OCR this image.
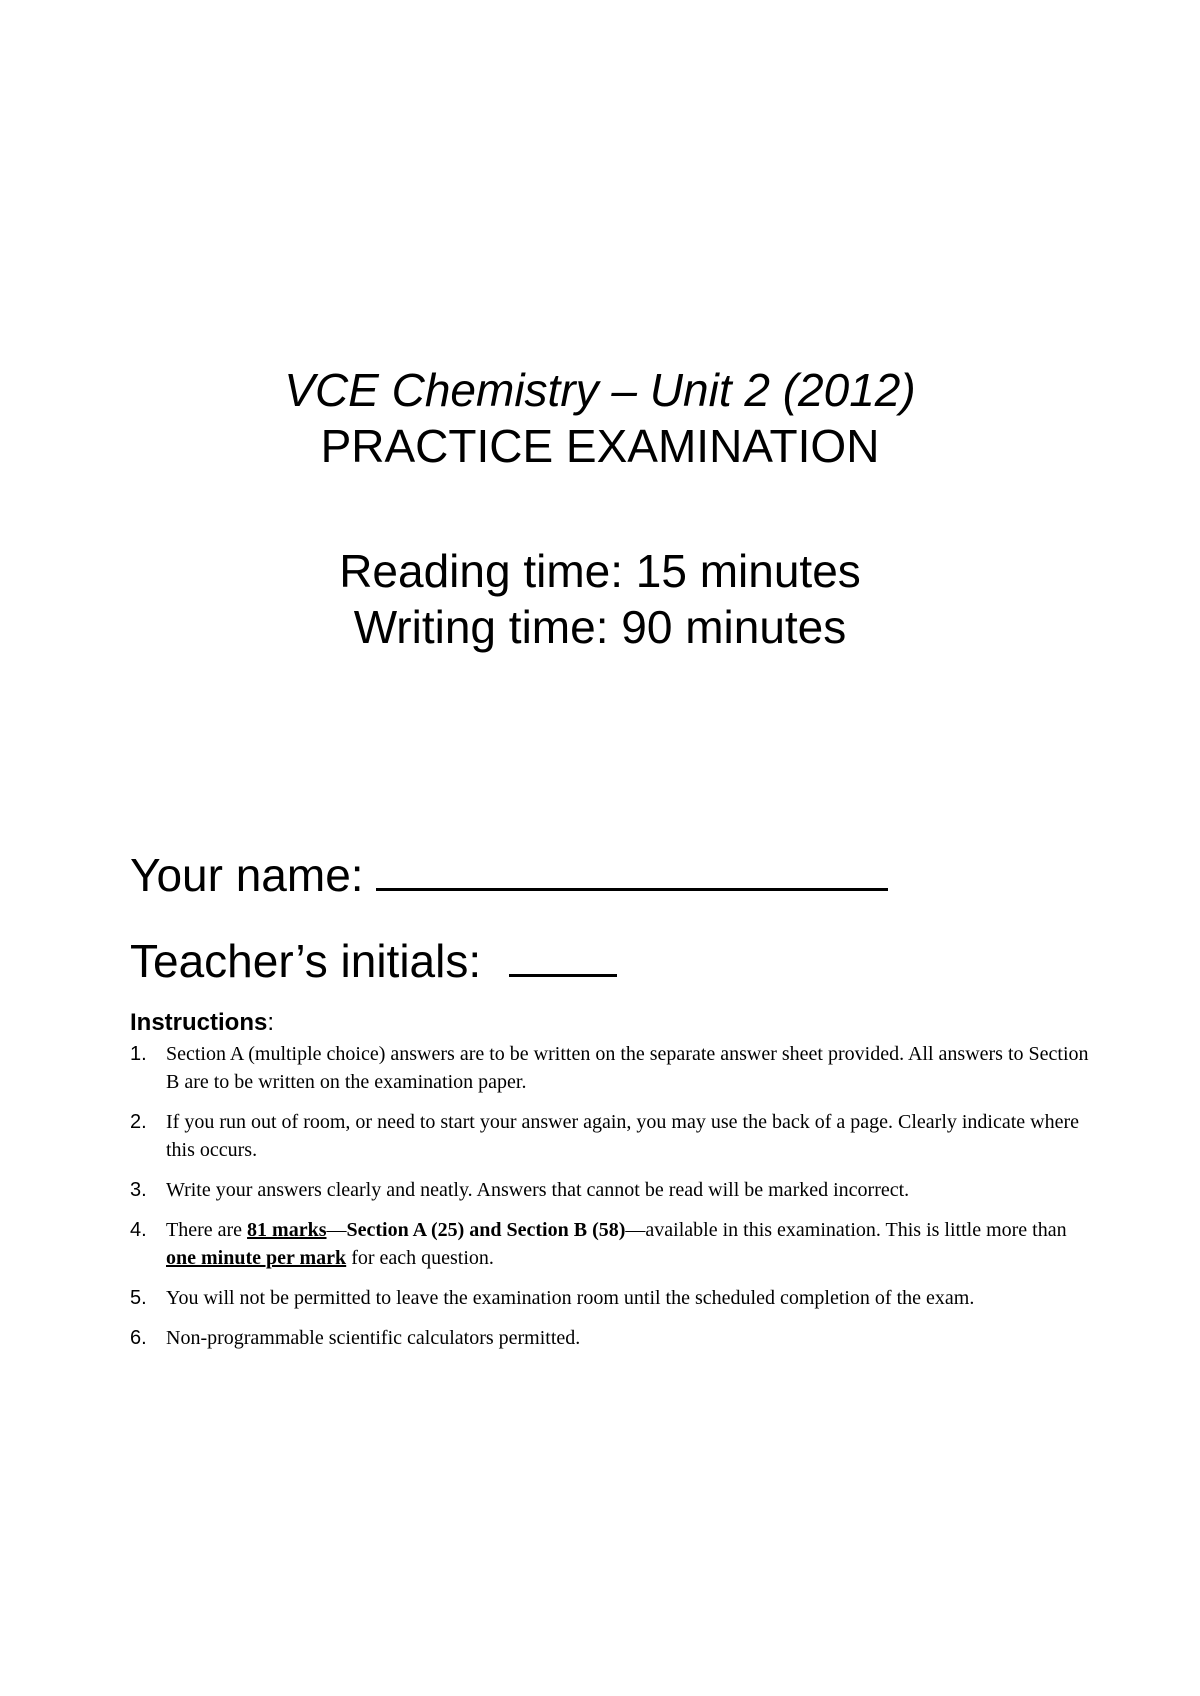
VCE Chemistry – Unit 2 (2012)
PRACTICE EXAMINATION
Reading time: 15 minutes
Writing time: 90 minutes
Your name:
Teacher’s initials:
Instructions:
1. Section A (multiple choice) answers are to be written on the separate answer sheet provided. All answers to Section B are to be written on the examination paper.
2. If you run out of room, or need to start your answer again, you may use the back of a page. Clearly indicate where this occurs.
3. Write your answers clearly and neatly. Answers that cannot be read will be marked incorrect.
4. There are 81 marks—Section A (25) and Section B (58)—available in this examination. This is little more than one minute per mark for each question.
5. You will not be permitted to leave the examination room until the scheduled completion of the exam.
6. Non-programmable scientific calculators permitted.
